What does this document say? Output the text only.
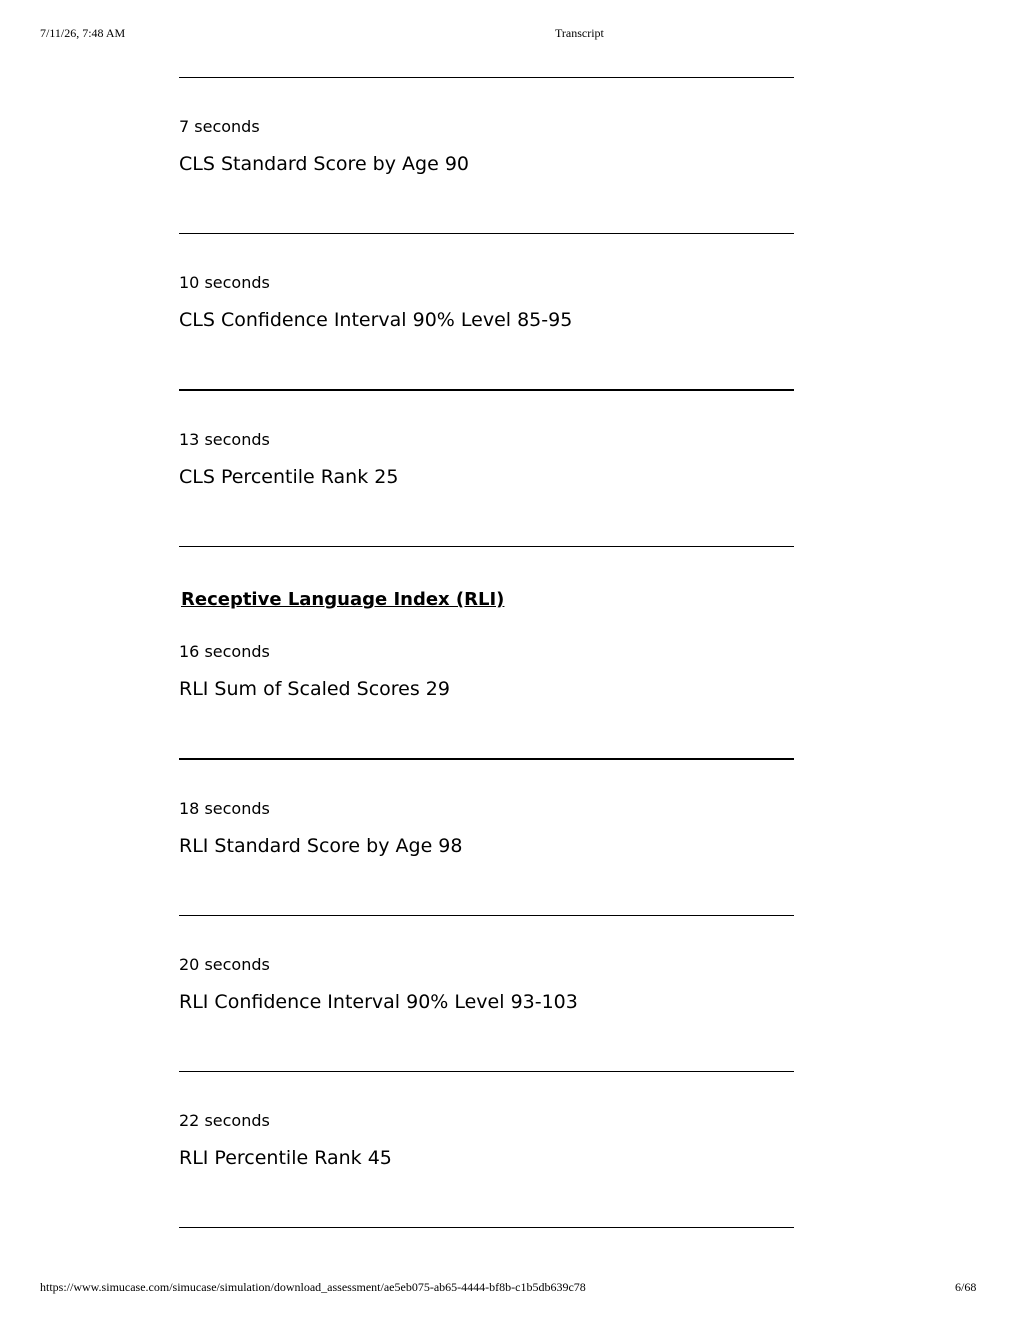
7/11/26, 7:48 AM	Transcript
7 seconds
CLS Standard Score by Age 90
10 seconds
CLS Confidence Interval 90% Level 85-95
13 seconds
CLS Percentile Rank 25
Receptive Language Index (RLI)
16 seconds
RLI Sum of Scaled Scores 29
18 seconds
RLI Standard Score by Age 98
20 seconds
RLI Confidence Interval 90% Level 93-103
22 seconds
RLI Percentile Rank 45
https://www.simucase.com/simucase/simulation/download_assessment/ae5eb075-ab65-4444-bf8b-c1b5db639c78	6/68
